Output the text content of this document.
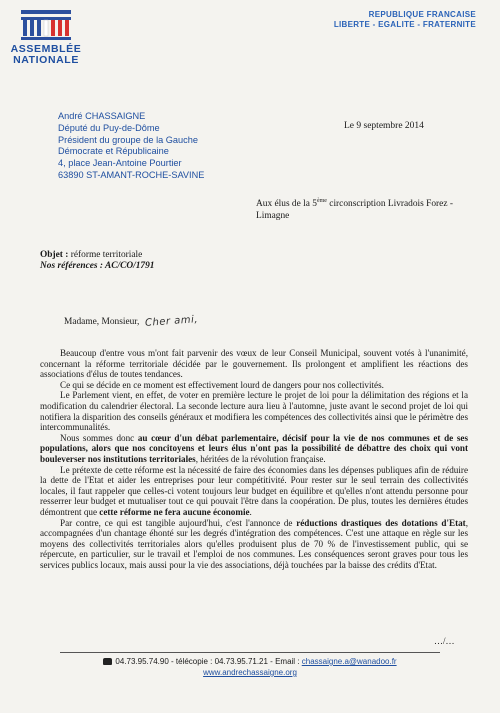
ASSEMBLÉE
NATIONALE
REPUBLIQUE FRANCAISE
LIBERTE - EGALITE - FRATERNITE
André CHASSAIGNE
Député du Puy-de-Dôme
Président du groupe de la Gauche
Démocrate et Républicaine
4, place Jean-Antoine Pourtier
63890 ST-AMANT-ROCHE-SAVINE
Le 9 septembre 2014
Aux élus de la 5ème circonscription Livradois Forez - Limagne
Objet : réforme territoriale
Nos références : AC/CO/1791
Madame, Monsieur, Cher ami,

Beaucoup d'entre vous m'ont fait parvenir des vœux de leur Conseil Municipal, souvent votés à l'unanimité, concernant la réforme territoriale décidée par le gouvernement. Ils prolongent et amplifient les réactions des associations d'élus de toutes tendances.

Ce qui se décide en ce moment est effectivement lourd de dangers pour nos collectivités.

Le Parlement vient, en effet, de voter en première lecture le projet de loi pour la délimitation des régions et la modification du calendrier électoral. La seconde lecture aura lieu à l'automne, juste avant le second projet de loi qui notifiera la disparition des conseils généraux et modifiera les compétences des collectivités ainsi que le périmètre des intercommunalités.

Nous sommes donc au cœur d'un débat parlementaire, décisif pour la vie de nos communes et de ses populations, alors que nos concitoyens et leurs élus n'ont pas la possibilité de débattre des choix qui vont bouleverser nos institutions territoriales, héritées de la révolution française.

Le prétexte de cette réforme est la nécessité de faire des économies dans les dépenses publiques afin de réduire la dette de l'Etat et aider les entreprises pour leur compétitivité. Pour rester sur le seul terrain des collectivités locales, il faut rappeler que celles-ci votent toujours leur budget en équilibre et qu'elles n'ont attendu personne pour resserrer leur budget et mutualiser tout ce qui pouvait l'être dans la coopération. De plus, toutes les dernières études démontrent que cette réforme ne fera aucune économie.

Par contre, ce qui est tangible aujourd'hui, c'est l'annonce de réductions drastiques des dotations d'Etat, accompagnées d'un chantage éhonté sur les degrés d'intégration des compétences. C'est une attaque en règle sur les moyens des collectivités territoriales alors qu'elles produisent plus de 70 % de l'investissement public, qui se répercute, en particulier, sur le travail et l'emploi de nos communes. Les conséquences seront graves pour tous les services publics locaux, mais aussi pour la vie des associations, déjà touchées par la baisse des crédits d'Etat.

…/…
04.73.95.74.90 - télécopie : 04.73.95.71.21 - Email : chassaigne.a@wanadoo.fr
www.andrechassaigne.org
